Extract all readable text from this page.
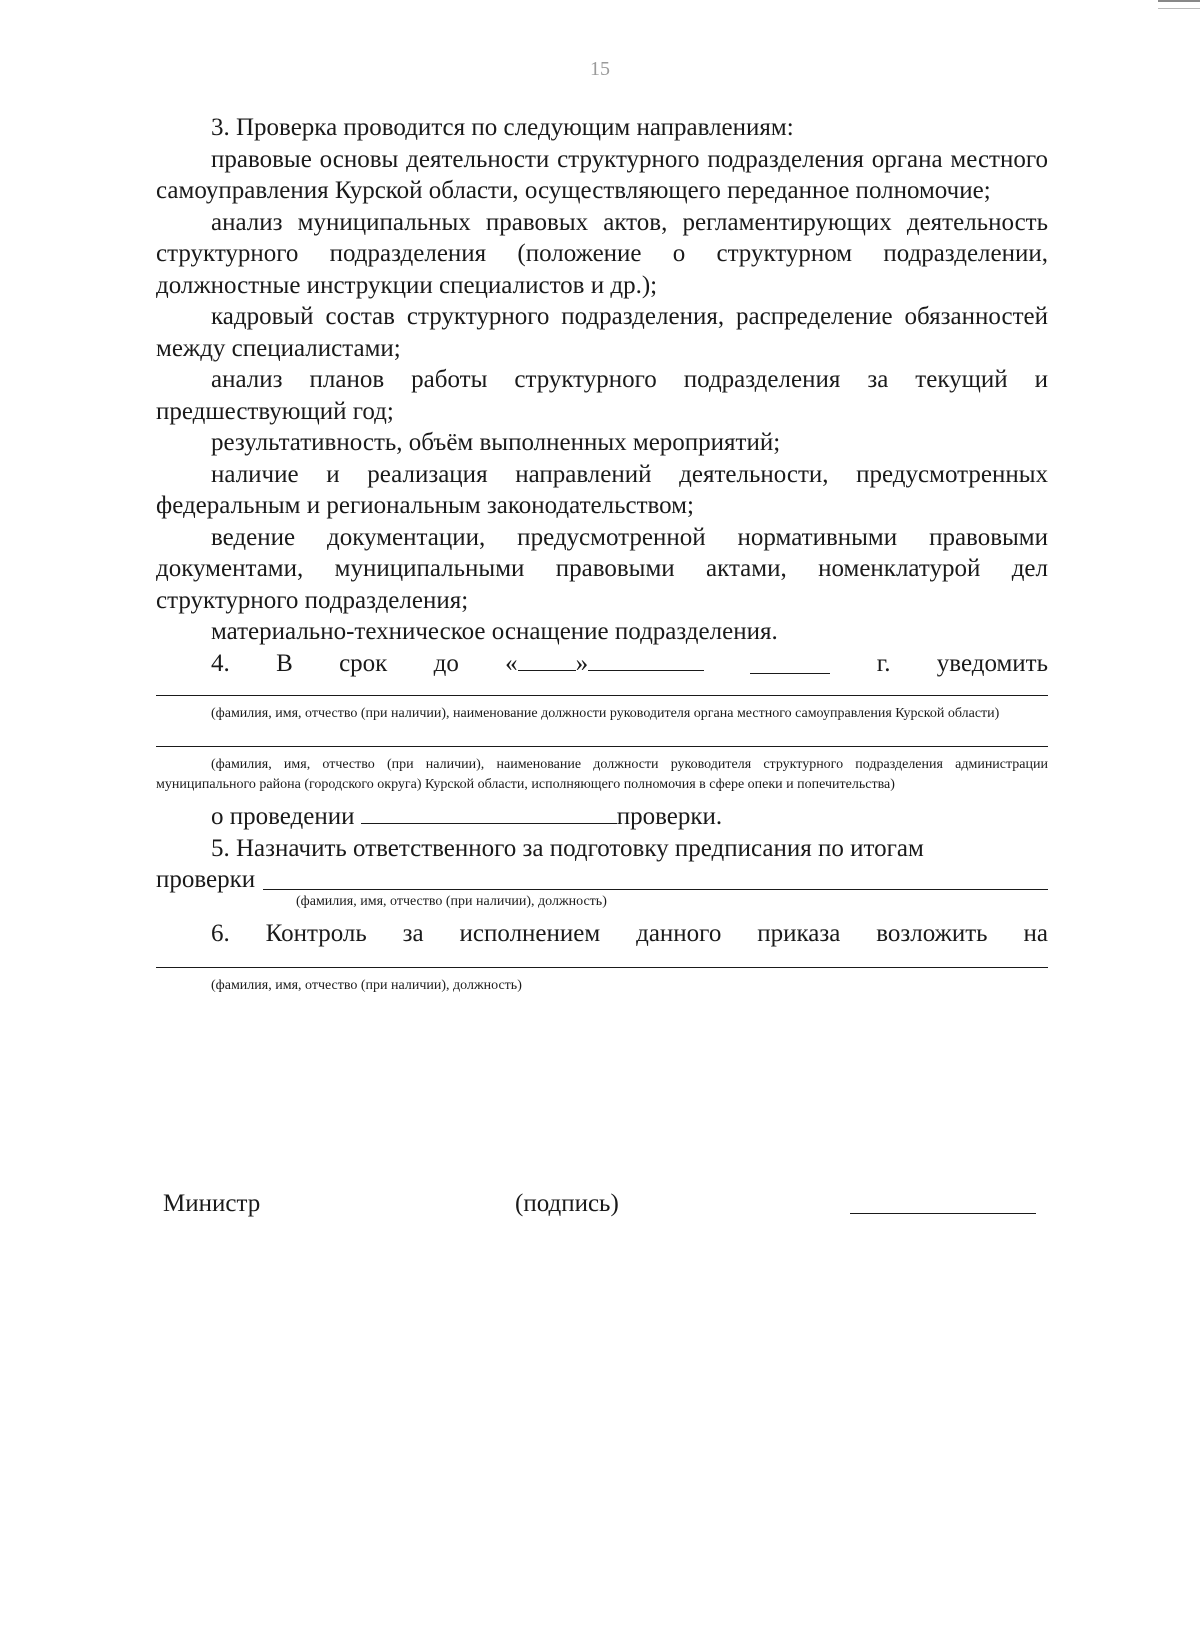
15

3. Проверка проводится по следующим направлениям:

правовые основы деятельности структурного подразделения органа местного самоуправления Курской области, осуществляющего переданное полномочие;

анализ муниципальных правовых актов, регламентирующих деятельность структурного подразделения (положение о структурном подразделении, должностные инструкции специалистов и др.);

кадровый состав структурного подразделения, распределение обязанностей между специалистами;

анализ планов работы структурного подразделения за текущий и предшествующий год;

результативность, объём выполненных мероприятий;

наличие и реализация направлений деятельности, предусмотренных федеральным и региональным законодательством;

ведение документации, предусмотренной нормативными правовыми документами, муниципальными правовыми актами, номенклатурой дел структурного подразделения;

материально-техническое оснащение подразделения.

4. В срок до « »	г. уведомить
(фамилия, имя, отчество (при наличии), наименование должности руководителя органа местного самоуправления Курской области)
(фамилия, имя, отчество (при наличии), наименование должности руководителя структурного подразделения администрации муниципального района (городского округа) Курской области, исполняющего полномочия в сфере опеки и попечительства)
о проведении	проверки.

5. Назначить ответственного за подготовку предписания по итогам

проверки
(фамилия, имя, отчество (при наличии), должность)
6. Контроль за исполнением данного приказа возложить на
(фамилия, имя, отчество (при наличии), должность)
Министр	(подпись)
